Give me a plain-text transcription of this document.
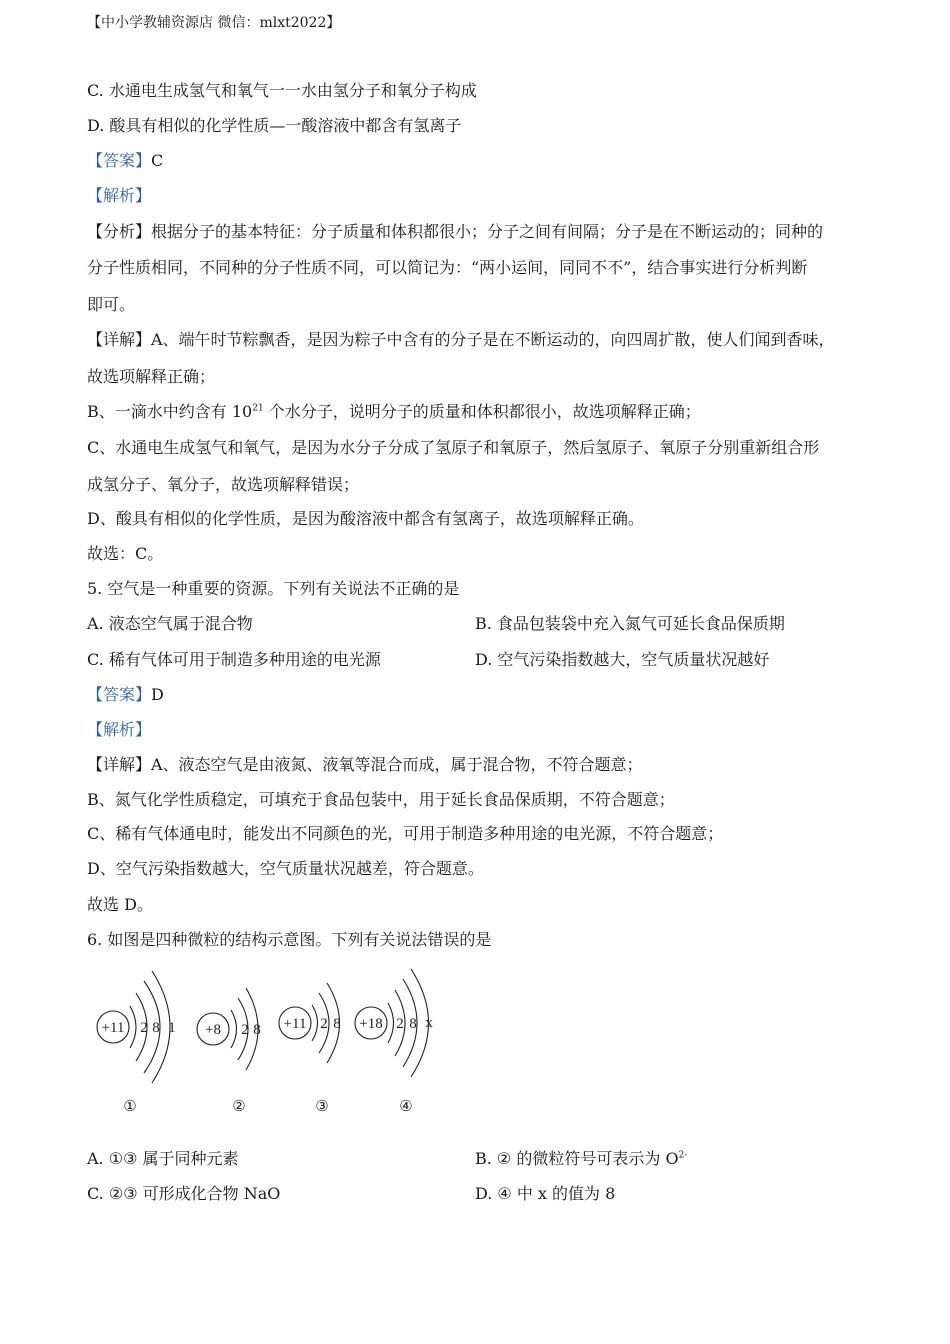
【中小学教辅资源店 微信：mlxt2022】
C. 水通电生成氢气和氧气一一水由氢分子和氧分子构成
D. 酸具有相似的化学性质—一酸溶液中都含有氢离子
【答案】C
【解析】
【分析】根据分子的基本特征：分子质量和体积都很小；分子之间有间隔；分子是在不断运动的；同种的
分子性质相同，不同种的分子性质不同，可以简记为：“两小运间，同同不不”，结合事实进行分析判断
即可。
【详解】A、端午时节粽飘香，是因为粽子中含有的分子是在不断运动的，向四周扩散，使人们闻到香味，
故选项解释正确；
B、一滴水中约含有 $10^{21}$ 个水分子，说明分子的质量和体积都很小，故选项解释正确；
C、水通电生成氢气和氧气，是因为水分子分成了氢原子和氧原子，然后氢原子、氧原子分别重新组合形
成氢分子、氧分子，故选项解释错误；
D、酸具有相似的化学性质，是因为酸溶液中都含有氢离子，故选项解释正确。
故选：C。
5. 空气是一种重要的资源。下列有关说法不正确的是
A. 液态空气属于混合物	B. 食品包装袋中充入氮气可延长食品保质期
C. 稀有气体可用于制造多种用途的电光源	D. 空气污染指数越大，空气质量状况越好
【答案】D
【解析】
【详解】A、液态空气是由液氮、液氧等混合而成，属于混合物，不符合题意；
B、氮气化学性质稳定，可填充于食品包装中，用于延长食品保质期，不符合题意；
C、稀有气体通电时，能发出不同颜色的光，可用于制造多种用途的电光源，不符合题意；
D、空气污染指数越大，空气质量状况越差，符合题意。
故选 D。
6. 如图是四种微粒的结构示意图。下列有关说法错误的是
+11 2 8 1 +8 2 8 +11 2 8 +18 2 8 x
①	②	③	④
A. ①③ 属于同种元素	B. ② 的微粒符号可表示为 $O^{2-}$
C. ②③ 可形成化合物 NaO	D. ④ 中 x 的值为 8
